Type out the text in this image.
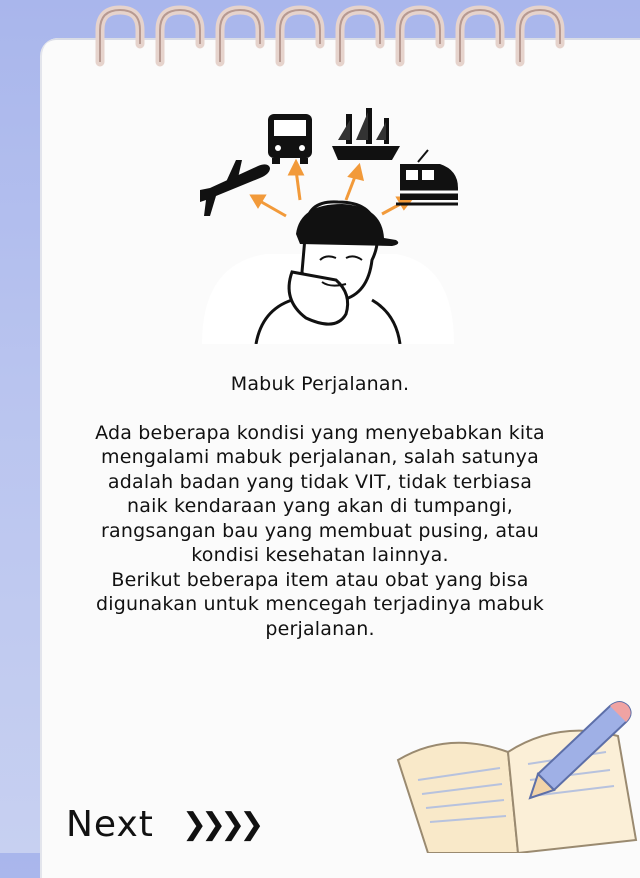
Mabuk Perjalanan.

Ada beberapa kondisi yang menyebabkan kita mengalami mabuk perjalanan, salah satunya adalah badan yang tidak VIT, tidak terbiasa naik kendaraan yang akan di tumpangi, rangsangan bau yang membuat pusing, atau kondisi kesehatan lainnya.

Berikut beberapa item atau obat yang bisa digunakan untuk mencegah terjadinya mabuk perjalanan.

Next ❯❯❯❯
